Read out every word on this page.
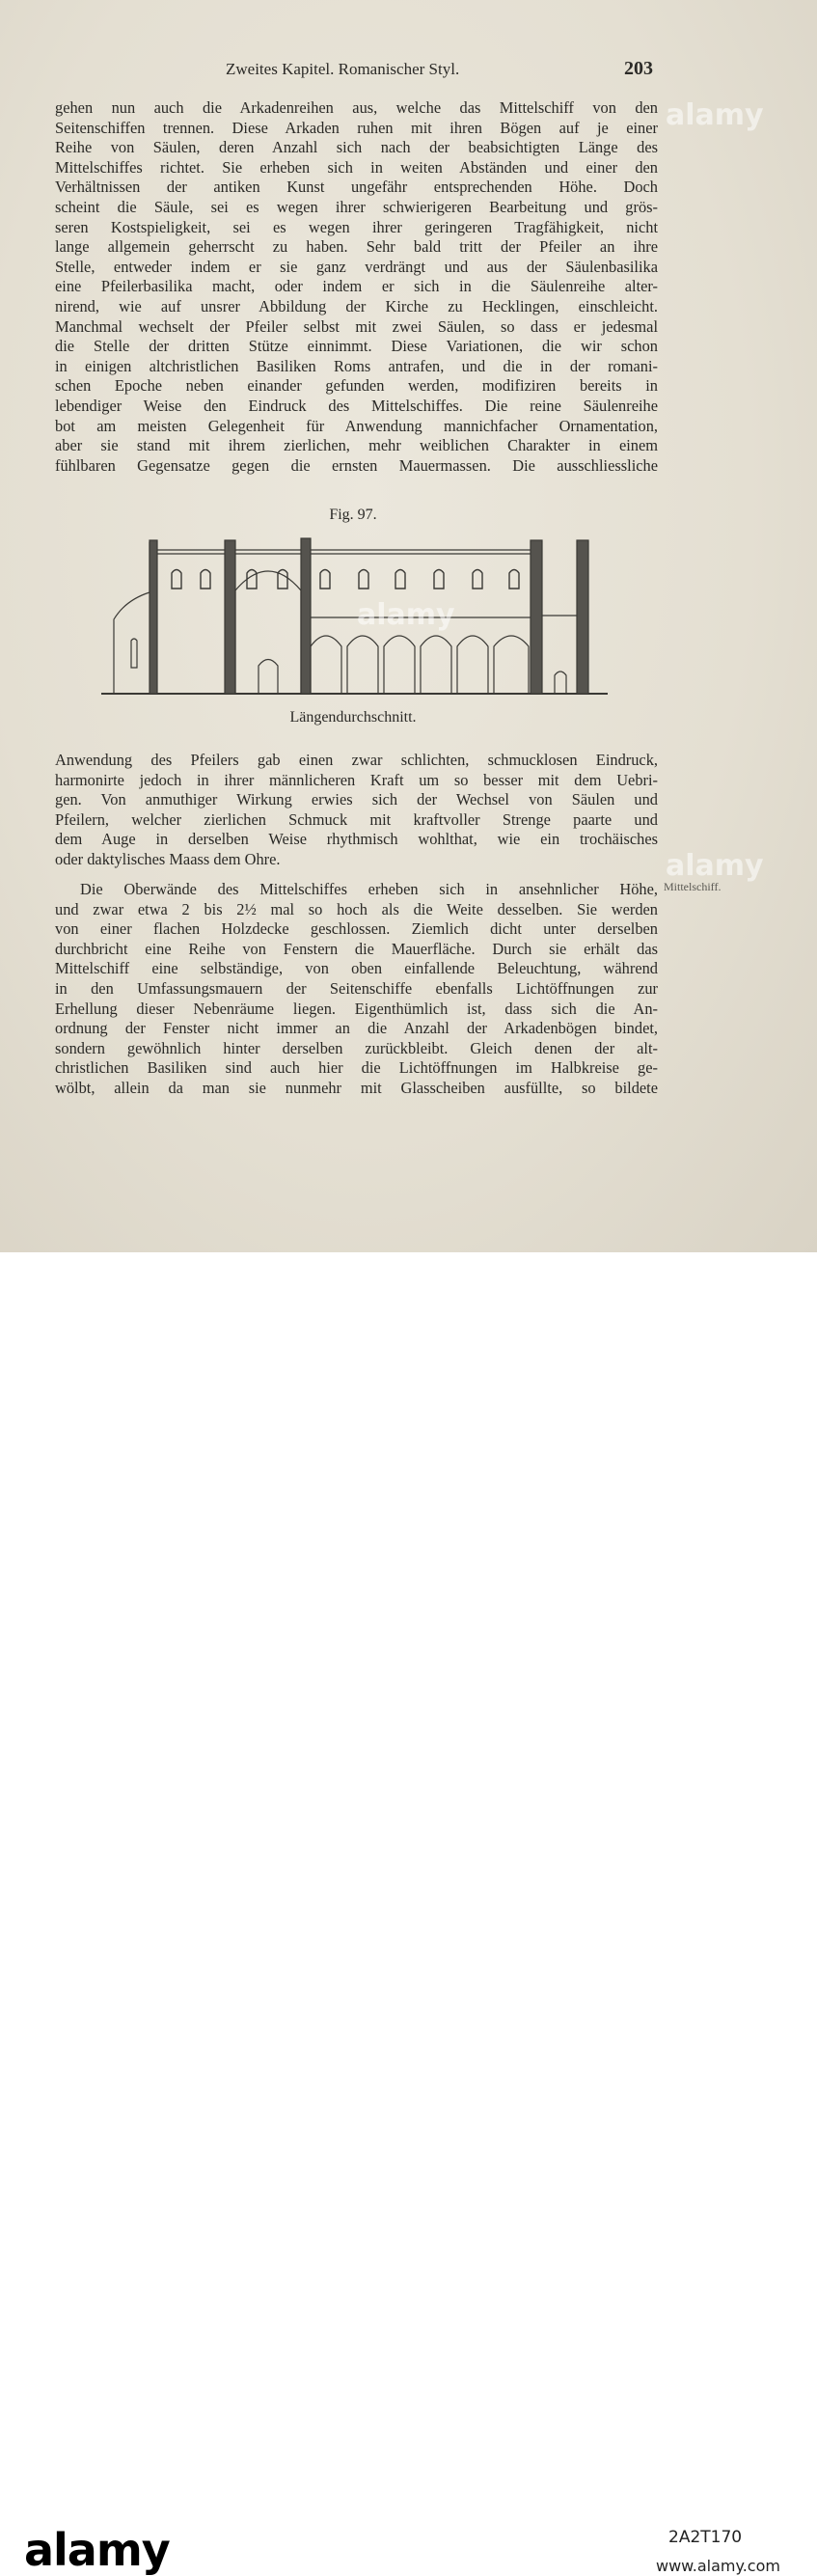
Zweites Kapitel. Romanischer Styl.	203
gehen nun auch die Arkadenreihen aus, welche das Mittelschiff von den
Seitenschiffen trennen. Diese Arkaden ruhen mit ihren Bögen auf je einer
Reihe von Säulen, deren Anzahl sich nach der beabsichtigten Länge des
Mittelschiffes richtet. Sie erheben sich in weiten Abständen und einer den
Verhältnissen der antiken Kunst ungefähr entsprechenden Höhe. Doch
scheint die Säule, sei es wegen ihrer schwierigeren Bearbeitung und grös-
seren Kostspieligkeit, sei es wegen ihrer geringeren Tragfähigkeit, nicht
lange allgemein geherrscht zu haben. Sehr bald tritt der Pfeiler an ihre
Stelle, entweder indem er sie ganz verdrängt und aus der Säulenbasilika
eine Pfeilerbasilika macht, oder indem er sich in die Säulenreihe alter-
nirend, wie auf unsrer Abbildung der Kirche zu Hecklingen, einschleicht.
Manchmal wechselt der Pfeiler selbst mit zwei Säulen, so dass er jedesmal
die Stelle der dritten Stütze einnimmt. Diese Variationen, die wir schon
in einigen altchristlichen Basiliken Roms antrafen, und die in der romani-
schen Epoche neben einander gefunden werden, modifiziren bereits in
lebendiger Weise den Eindruck des Mittelschiffes. Die reine Säulenreihe
bot am meisten Gelegenheit für Anwendung mannichfacher Ornamentation,
aber sie stand mit ihrem zierlichen, mehr weiblichen Charakter in einem
fühlbaren Gegensatze gegen die ernsten Mauermassen. Die ausschliessliche
Fig. 97.
Längendurchschnitt.
Anwendung des Pfeilers gab einen zwar schlichten, schmucklosen Eindruck,
harmonirte jedoch in ihrer männlicheren Kraft um so besser mit dem Uebri-
gen. Von anmuthiger Wirkung erwies sich der Wechsel von Säulen und
Pfeilern, welcher zierlichen Schmuck mit kraftvoller Strenge paarte und
dem Auge in derselben Weise rhythmisch wohlthat, wie ein trochäisches
oder daktylisches Maass dem Ohre.
Die Oberwände des Mittelschiffes erheben sich in ansehnlicher Höhe,
und zwar etwa 2 bis 2½ mal so hoch als die Weite desselben. Sie werden
von einer flachen Holzdecke geschlossen. Ziemlich dicht unter derselben
durchbricht eine Reihe von Fenstern die Mauerfläche. Durch sie erhält das
Mittelschiff eine selbständige, von oben einfallende Beleuchtung, während
in den Umfassungsmauern der Seitenschiffe ebenfalls Lichtöffnungen zur
Erhellung dieser Nebenräume liegen. Eigenthümlich ist, dass sich die An-
ordnung der Fenster nicht immer an die Anzahl der Arkadenbögen bindet,
sondern gewöhnlich hinter derselben zurückbleibt. Gleich denen der alt-
christlichen Basiliken sind auch hier die Lichtöffnungen im Halbkreise ge-
wölbt, allein da man sie nunmehr mit Glasscheiben ausfüllte, so bildete
Mittelschiff.
alamy
alamy
alamy
alamy	2A2T170
www.alamy.com
